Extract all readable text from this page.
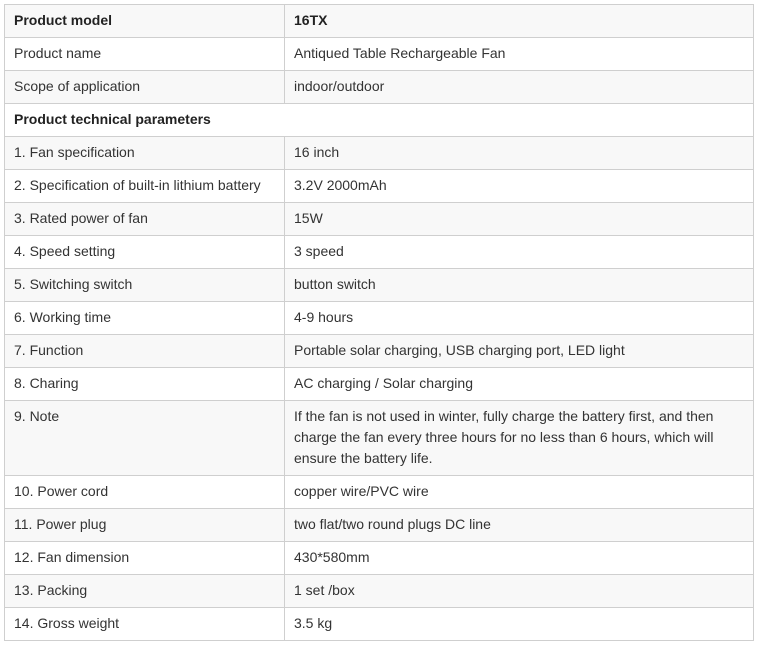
Product model	16TX
Product name	Antiqued Table Rechargeable Fan
Scope of application	indoor/outdoor
Product technical parameters	
1. Fan specification	16 inch
2. Specification of built-in lithium battery	3.2V 2000mAh
3. Rated power of fan	15W
4. Speed setting	3 speed
5. Switching switch	button switch
6. Working time	4-9 hours
7. Function	Portable solar charging, USB charging port, LED light
8. Charing	AC charging / Solar charging
9. Note	If the fan is not used in winter, fully charge the battery first, and then charge the fan every three hours for no less than 6 hours, which will ensure the battery life.
10. Power cord	copper wire/PVC wire
11. Power plug	two flat/two round plugs DC line
12. Fan dimension	430*580mm
13. Packing	1 set /box
14. Gross weight	3.5 kg
